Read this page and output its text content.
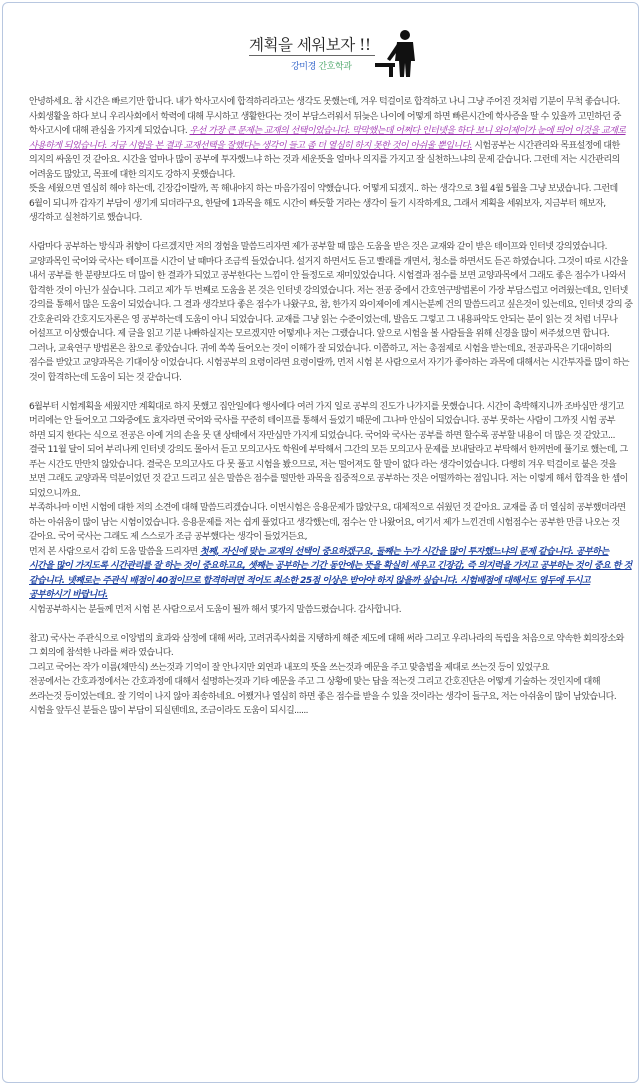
계획을 세워보자 !!
강미경 간호학과

안녕하세요. 참 시간은 빠르기만 합니다. 내가 학사고시에 합격하리라고는 생각도 못했는데, 겨우 턱걸이로 합격하고 나니 그냥 주어진 것처럼 기분이 무척 좋습니다.
사회생활을 하다 보니 우리사회에서 학력에 대해 무시하고 생활한다는 것이 부담스러워서 뒤늦은 나이에 어떻게 하면 빠른시간에 학사증을 딸 수 있을까 고민하던 중 학사고시에 대해 관심을 가지게 되었습니다. 우선 가장 큰 문제는 교재의 선택이었습니다. 막막했는데 어쩌다 인터넷을 하다 보니 와이제이가 눈에 띄어 이것을 교재로 사용하게 되었습니다. 지금 시험을 본 결과 교재선택을 잘했다는 생각이 들고 좀 더 열심히 하지 못한 것이 아쉬울 뿐입니다. 시험공부는 시간관리와 목표설정에 대한 의지의 싸움인 것 같아요. 시간을 얼마나 많이 공부에 투자했느냐 하는 것과 세운뜻을 얼마나 의지를 가지고 잘 실천하느냐의 문제 같습니다. 그런데 저는 시간관리의 어려움도 많았고, 목표에 대한 의지도 강하지 못했습니다.
뜻을 세웠으면 열심히 해야 하는데, 긴장감이랄까, 꼭 해내야지 하는 마음가짐이 약했습니다. 어떻게 되겠지.. 하는 생각으로 3월 4월 5월을 그냥 보냈습니다. 그런데 6월이 되니까 갑자기 부담이 생기게 되더라구요, 한달에 1과목을 해도 시간이 빠듯할 거라는 생각이 들기 시작하게요, 그래서 계획을 세워보자, 지금부터 해보자, 생각하고 실천하기로 했습니다.

사람마다 공부하는 방식과 취향이 다르겠지만 저의 경험을 말씀드리자면 제가 공부할 때 많은 도움을 받은 것은 교재와 같이 받은 테이프와 인터넷 강의였습니다. 교양과목인 국어와 국사는 테이프를 시간이 날 때마다 조금씩 들었습니다. 설거지 하면서도 듣고 빨래를 개면서, 청소를 하면서도 듣곤 하였습니다. 그것이 따로 시간을 내서 공부를 한 분량보다도 더 많이 한 결과가 되었고 공부한다는 느낌이 안 들정도로 재미있었습니다. 시험결과 점수를 보면 교양과목에서 그래도 좋은 점수가 나와서 합격한 것이 아닌가 싶습니다. 그리고 제가 두 번째로 도움을 본 것은 인터넷 강의였습니다. 저는 전공 중에서 간호연구방법론이 가장 부담스럽고 어려웠는데요, 인터넷 강의를 통해서 많은 도움이 되었습니다. 그 결과 생각보다 좋은 점수가 나왔구요, 참, 한가지 와이제이에 계시는분께 건의 말씀드리고 싶은것이 있는데요, 인터넷 강의 중 간호윤리와 간호지도자론은 영 공부하는데 도움이 아니 되었습니다. 교재를 그냥 읽는 수준이었는데, 발음도 그렇고 그 내용파악도 안되는 분이 읽는 것 처럼 너무나 어설프고 이상했습니다. 제 글을 읽고 기분 나빠하실지는 모르겠지만 어떻게나 저는 그랬습니다. 앞으로 시험을 볼 사람들을 위해 신경을 많이 써주셨으면 합니다. 그러나, 교육연구 방법론은 참으로 좋았습니다. 귀에 쏙쏙 들어오는 것이 이해가 잘 되었습니다. 이쯤하고, 저는 총점제로 시험을 받는데요, 전공과목은 기대이하의 점수를 받았고 교양과목은 기대이상 이었습니다. 시험공부의 요령이라면 요령이랄까, 먼저 시험 본 사람으로서 자기가 좋아하는 과목에 대해서는 시간투자를 많이 하는 것이 합격하는데 도움이 되는 것 같습니다.

6월부터 시험계획을 세웠지만 계획대로 하지 못했고 집안일에다 행사에다 여러 가지 일로 공부의 진도가 나가지를 못했습니다. 시간이 촉박해지니까 조바심만 생기고 머리에는 안 들어오고 그와중에도 효자라면 국어와 국사를 꾸준히 테이프를 통해서 들었기 때문에 그나마 안심이 되었습니다. 공부 못하는 사람이 그까짓 시험 공부 하면 되지 한다는 식으로 전공은 아예 거의 손을 못 댄 상태에서 자만심만 가지게 되었습니다. 국어와 국사는 공부를 하면 할수록 공부할 내용이 더 많은 것 같았고...
결국 11월 달이 되어 부리나케 인터넷 강의도 몰아서 듣고 모의고사도 학원에 부탁해서 그간의 모든 모의고사 문제를 보내달라고 부탁해서 한꺼번에 풀기로 했는데, 그 푸는 시간도 만만치 않았습니다. 결국은 모의고사도 다 못 풀고 시험을 봤으므로, 저는 떨어져도 할 말이 없다 라는 생각이었습니다. 다행히 겨우 턱걸이로 붙은 것을 보면 그래도 교양과목 덕분이었던 것 같고 드리고 싶은 말씀은 점수를 떨만한 과목을 집중적으로 공부하는 것은 어떨까하는 점입니다. 저는 이렇게 해서 합격을 한 셈이 되었으니까요.
부족하나마 이번 시험에 대한 저의 소견에 대해 말씀드리겠습니다. 이번시험은 응용문제가 많았구요, 대체적으로 쉬웠던 것 같아요. 교재를 좀 더 열심히 공부했더라면 하는 아쉬움이 많이 남는 시험이었습니다. 응용문제를 저는 쉽게 풀었다고 생각했는데, 점수는 안 나왔어요, 여기서 제가 느낀건데 시험점수는 공부한 만큼 나오는 것 같아요. 국어 국사는 그래도 제 스스로가 조금 공부했다는 생각이 들었거든요,
먼저 본 사람으로서 감히 도움 말씀을 드리자면 첫째, 자신에 맞는 교재의 선택이 중요하겠구요, 둘째는 누가 시간을 많이 투자했느냐의 문제 같습니다. 공부하는 시간을 많이 가지도록 시간관리를 잘 하는 것이 중요하고요, 셋째는 공부하는 기간 동안에는 뜻을 확실히 세우고 긴장감, 즉 의지력을 가지고 공부하는 것이 중요 한 것 같습니다. 넷째로는 주관식 배점이 40점이므로 합격하려면 적어도 최소한 25점 이상은 받아야 하지 않을까 싶습니다. 시험배점에 대해서도 염두에 두시고 공부하시기 바랍니다.
시험공부하시는 분들께 먼저 시험 본 사람으로서 도움이 될까 해서 몇가지 말씀드렸습니다. 감사합니다.

참고) 국사는 주관식으로 이앙법의 효과와 삼정에 대해 써라, 고려귀족사회를 지탱하게 해준 제도에 대해 써라 그리고 우리나라의 독립을 처음으로 약속한 회의장소와 그 회의에 참석한 나라를 써라 였습니다.
그리고 국어는 작가 이름(채만식) 쓰는것과 기억이 잘 안나지만 외연과 내포의 뜻을 쓰는것과 예문을 주고 맞춤법을 제대로 쓰는것 등이 있었구요
전공에서는 간호과정에서는 간호과정에 대해서 설명하는것과 기타 예문을 주고 그 상황에 맞는 답을 적는것 그리고 간호진단은 어떻게 기술하는 것인지에 대해 쓰라는것 등이었는데요. 잘 기억이 나지 않아 죄송하네요. 어쨌거나 열심히 하면 좋은 점수를 받을 수 있을 것이라는 생각이 들구요, 저는 아쉬움이 많이 남았습니다. 시험을 앞두신 분들은 많이 부담이 되실텐데요, 조금이라도 도움이 되시길......
